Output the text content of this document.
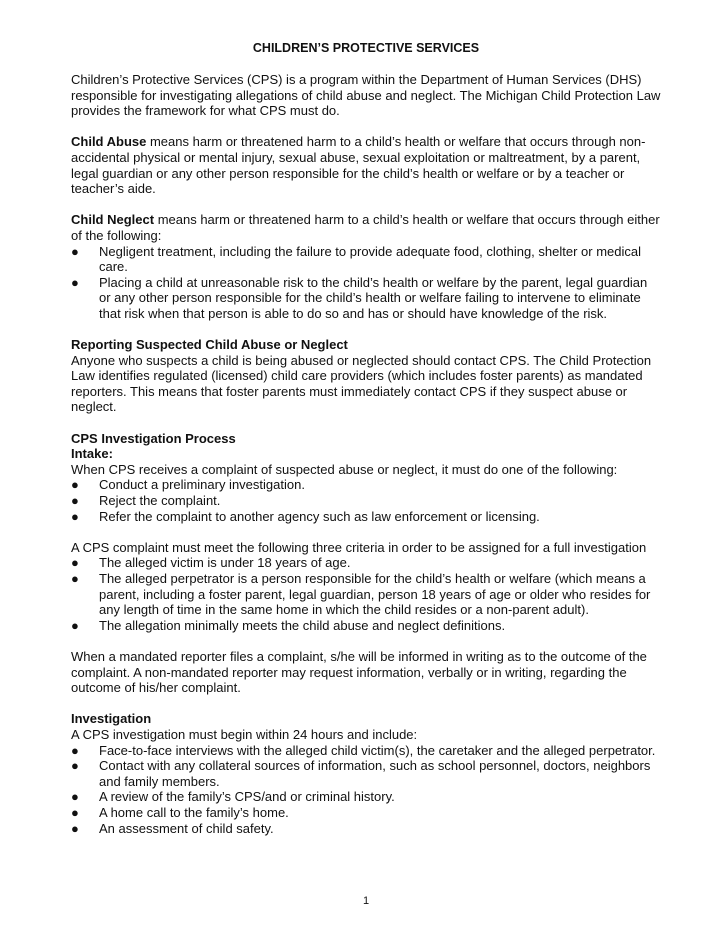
CHILDREN’S PROTECTIVE SERVICES

Children’s Protective Services (CPS) is a program within the Department of Human Services (DHS) responsible for investigating allegations of child abuse and neglect. The Michigan Child Protection Law provides the framework for what CPS must do.

Child Abuse means harm or threatened harm to a child’s health or welfare that occurs through non-accidental physical or mental injury, sexual abuse, sexual exploitation or maltreatment, by a parent, legal guardian or any other person responsible for the child’s health or welfare or by a teacher or teacher’s aide.

Child Neglect means harm or threatened harm to a child’s health or welfare that occurs through either of the following:

● Negligent treatment, including the failure to provide adequate food, clothing, shelter or medical care.
● Placing a child at unreasonable risk to the child’s health or welfare by the parent, legal guardian or any other person responsible for the child’s health or welfare failing to intervene to eliminate that risk when that person is able to do so and has or should have knowledge of the risk.

Reporting Suspected Child Abuse or Neglect

Anyone who suspects a child is being abused or neglected should contact CPS. The Child Protection Law identifies regulated (licensed) child care providers (which includes foster parents) as mandated reporters. This means that foster parents must immediately contact CPS if they suspect abuse or neglect.

CPS Investigation Process

Intake:

When CPS receives a complaint of suspected abuse or neglect, it must do one of the following:

● Conduct a preliminary investigation.
● Reject the complaint.
● Refer the complaint to another agency such as law enforcement or licensing.

A CPS complaint must meet the following three criteria in order to be assigned for a full investigation

● The alleged victim is under 18 years of age.
● The alleged perpetrator is a person responsible for the child’s health or welfare (which means a parent, including a foster parent, legal guardian, person 18 years of age or older who resides for any length of time in the same home in which the child resides or a non-parent adult).
● The allegation minimally meets the child abuse and neglect definitions.

When a mandated reporter files a complaint, s/he will be informed in writing as to the outcome of the complaint. A non-mandated reporter may request information, verbally or in writing, regarding the outcome of his/her complaint.

Investigation

A CPS investigation must begin within 24 hours and include:

● Face-to-face interviews with the alleged child victim(s), the caretaker and the alleged perpetrator.
● Contact with any collateral sources of information, such as school personnel, doctors, neighbors and family members.
● A review of the family’s CPS/and or criminal history.
● A home call to the family’s home.
● An assessment of child safety.
1
